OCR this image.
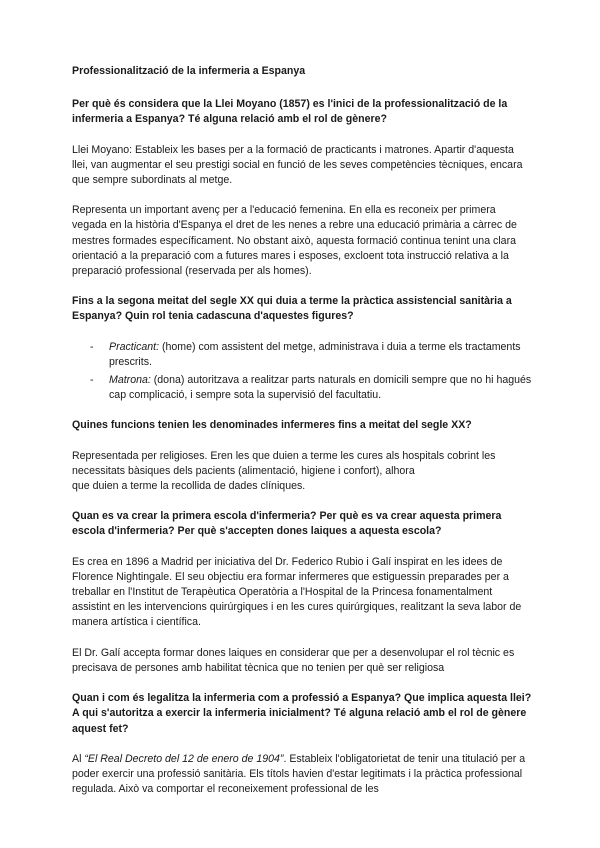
Professionalització de la infermeria a Espanya
Per què és considera que la Llei Moyano (1857) es l'inici de la professionalització de la infermeria a Espanya? Té alguna relació amb el rol de gènere?
Llei Moyano: Estableix les bases per a la formació de practicants i matrones. Apartir d'aquesta llei, van augmentar el seu prestigi social en funció de les seves competències tècniques, encara que sempre subordinats al metge.
Representa un important avenç per a l'educació femenina. En ella es reconeix per primera vegada en la història d'Espanya el dret de les nenes a rebre una educació primària a càrrec de mestres formades específicament. No obstant això, aquesta formació continua tenint una clara orientació a la preparació com a futures mares i esposes, excloent tota instrucció relativa a la preparació professional (reservada per als homes).
Fins a la segona meitat del segle XX qui duia a terme la pràctica assistencial sanitària a Espanya? Quin rol tenia cadascuna d'aquestes figures?
- Practicant: (home) com assistent del metge, administrava i duia a terme els tractaments prescrits.
- Matrona: (dona) autoritzava a realitzar parts naturals en domicili sempre que no hi hagués cap complicació, i sempre sota la supervisió del facultatiu.
Quines funcions tenien les denominades infermeres fins a meitat del segle XX?
Representada per religioses. Eren les que duien a terme les cures als hospitals cobrint les necessitats bàsiques dels pacients (alimentació, higiene i confort), alhora
que duien a terme la recollida de dades clíniques.
Quan es va crear la primera escola d'infermeria? Per què es va crear aquesta primera escola d'infermeria? Per què s'accepten dones laiques a aquesta escola?
Es crea en 1896 a Madrid per iniciativa del Dr. Federico Rubio i Galí inspirat en les idees de Florence Nightingale. El seu objectiu era formar infermeres que estiguessin preparades per a treballar en l'Institut de Terapèutica Operatòria a l'Hospital de la Princesa fonamentalment assistint en les intervencions quirúrgiques i en les cures quirúrgiques, realitzant la seva labor de manera artística i científica.
El Dr. Galí accepta formar dones laiques en considerar que per a desenvolupar el rol tècnic es precisava de persones amb habilitat tècnica que no tenien per què ser religiosa
Quan i com és legalitza la infermeria com a professió a Espanya? Que implica aquesta llei? A qui s'autoritza a exercir la infermeria inicialment? Té alguna relació amb el rol de gènere aquest fet?
Al “El Real Decreto del 12 de enero de 1904”. Estableix l'obligatorietat de tenir una titulació per a poder exercir una professió sanitària. Els títols havien d'estar legitimats i la pràctica professional regulada. Això va comportar el reconeixement professional de les
